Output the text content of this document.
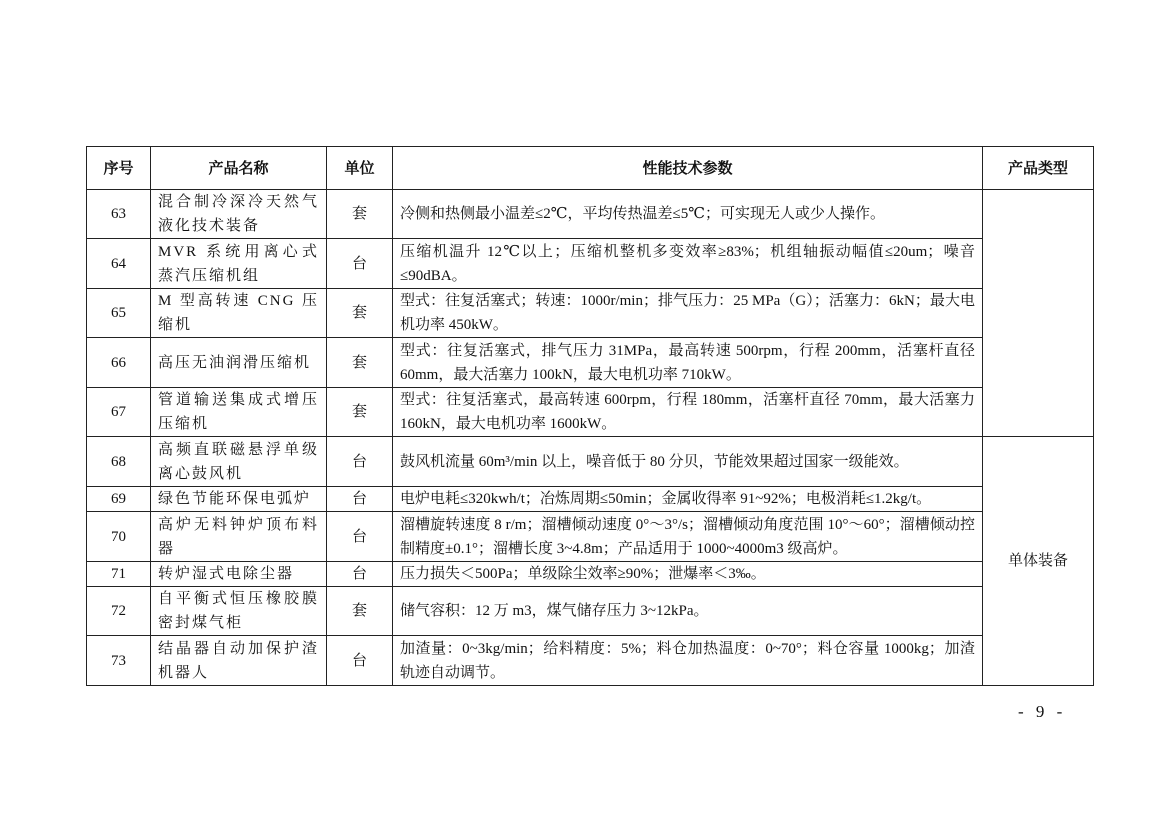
序号	产品名称	单位	性能技术参数	产品类型
63	混合制冷深冷天然气液化技术装备	套	冷侧和热侧最小温差≤2℃，平均传热温差≤5℃；可实现无人或少人操作。	
64	MVR 系统用离心式蒸汽压缩机组	台	压缩机温升 12℃以上；压缩机整机多变效率≥83%；机组轴振动幅值≤20um；噪音≤90dBA。	
65	M 型高转速 CNG 压缩机	套	型式：往复活塞式；转速：1000r/min；排气压力：25 MPa（G）；活塞力：6kN；最大电机功率 450kW。	
66	高压无油润滑压缩机	套	型式：往复活塞式，排气压力 31MPa，最高转速 500rpm，行程 200mm，活塞杆直径 60mm，最大活塞力 100kN，最大电机功率 710kW。	
67	管道输送集成式增压压缩机	套	型式：往复活塞式，最高转速 600rpm，行程 180mm，活塞杆直径 70mm，最大活塞力 160kN，最大电机功率 1600kW。	
68	高频直联磁悬浮单级离心鼓风机	台	鼓风机流量 60m³/min 以上，噪音低于 80 分贝，节能效果超过国家一级能效。	单体装备
69	绿色节能环保电弧炉	台	电炉电耗≤320kwh/t；冶炼周期≤50min；金属收得率 91~92%；电极消耗≤1.2kg/t。	
70	高炉无料钟炉顶布料器	台	溜槽旋转速度 8 r/m；溜槽倾动速度 0°～3°/s；溜槽倾动角度范围 10°～60°；溜槽倾动控制精度±0.1°；溜槽长度 3~4.8m；产品适用于 1000~4000m3 级高炉。	
71	转炉湿式电除尘器	台	压力损失＜500Pa；单级除尘效率≥90%；泄爆率＜3‰。	
72	自平衡式恒压橡胶膜密封煤气柜	套	储气容积：12 万 m3，煤气储存压力 3~12kPa。	
73	结晶器自动加保护渣机器人	台	加渣量：0~3kg/min；给料精度：5%；料仓加热温度：0~70°；料仓容量 1000kg；加渣轨迹自动调节。	
- 9 -
